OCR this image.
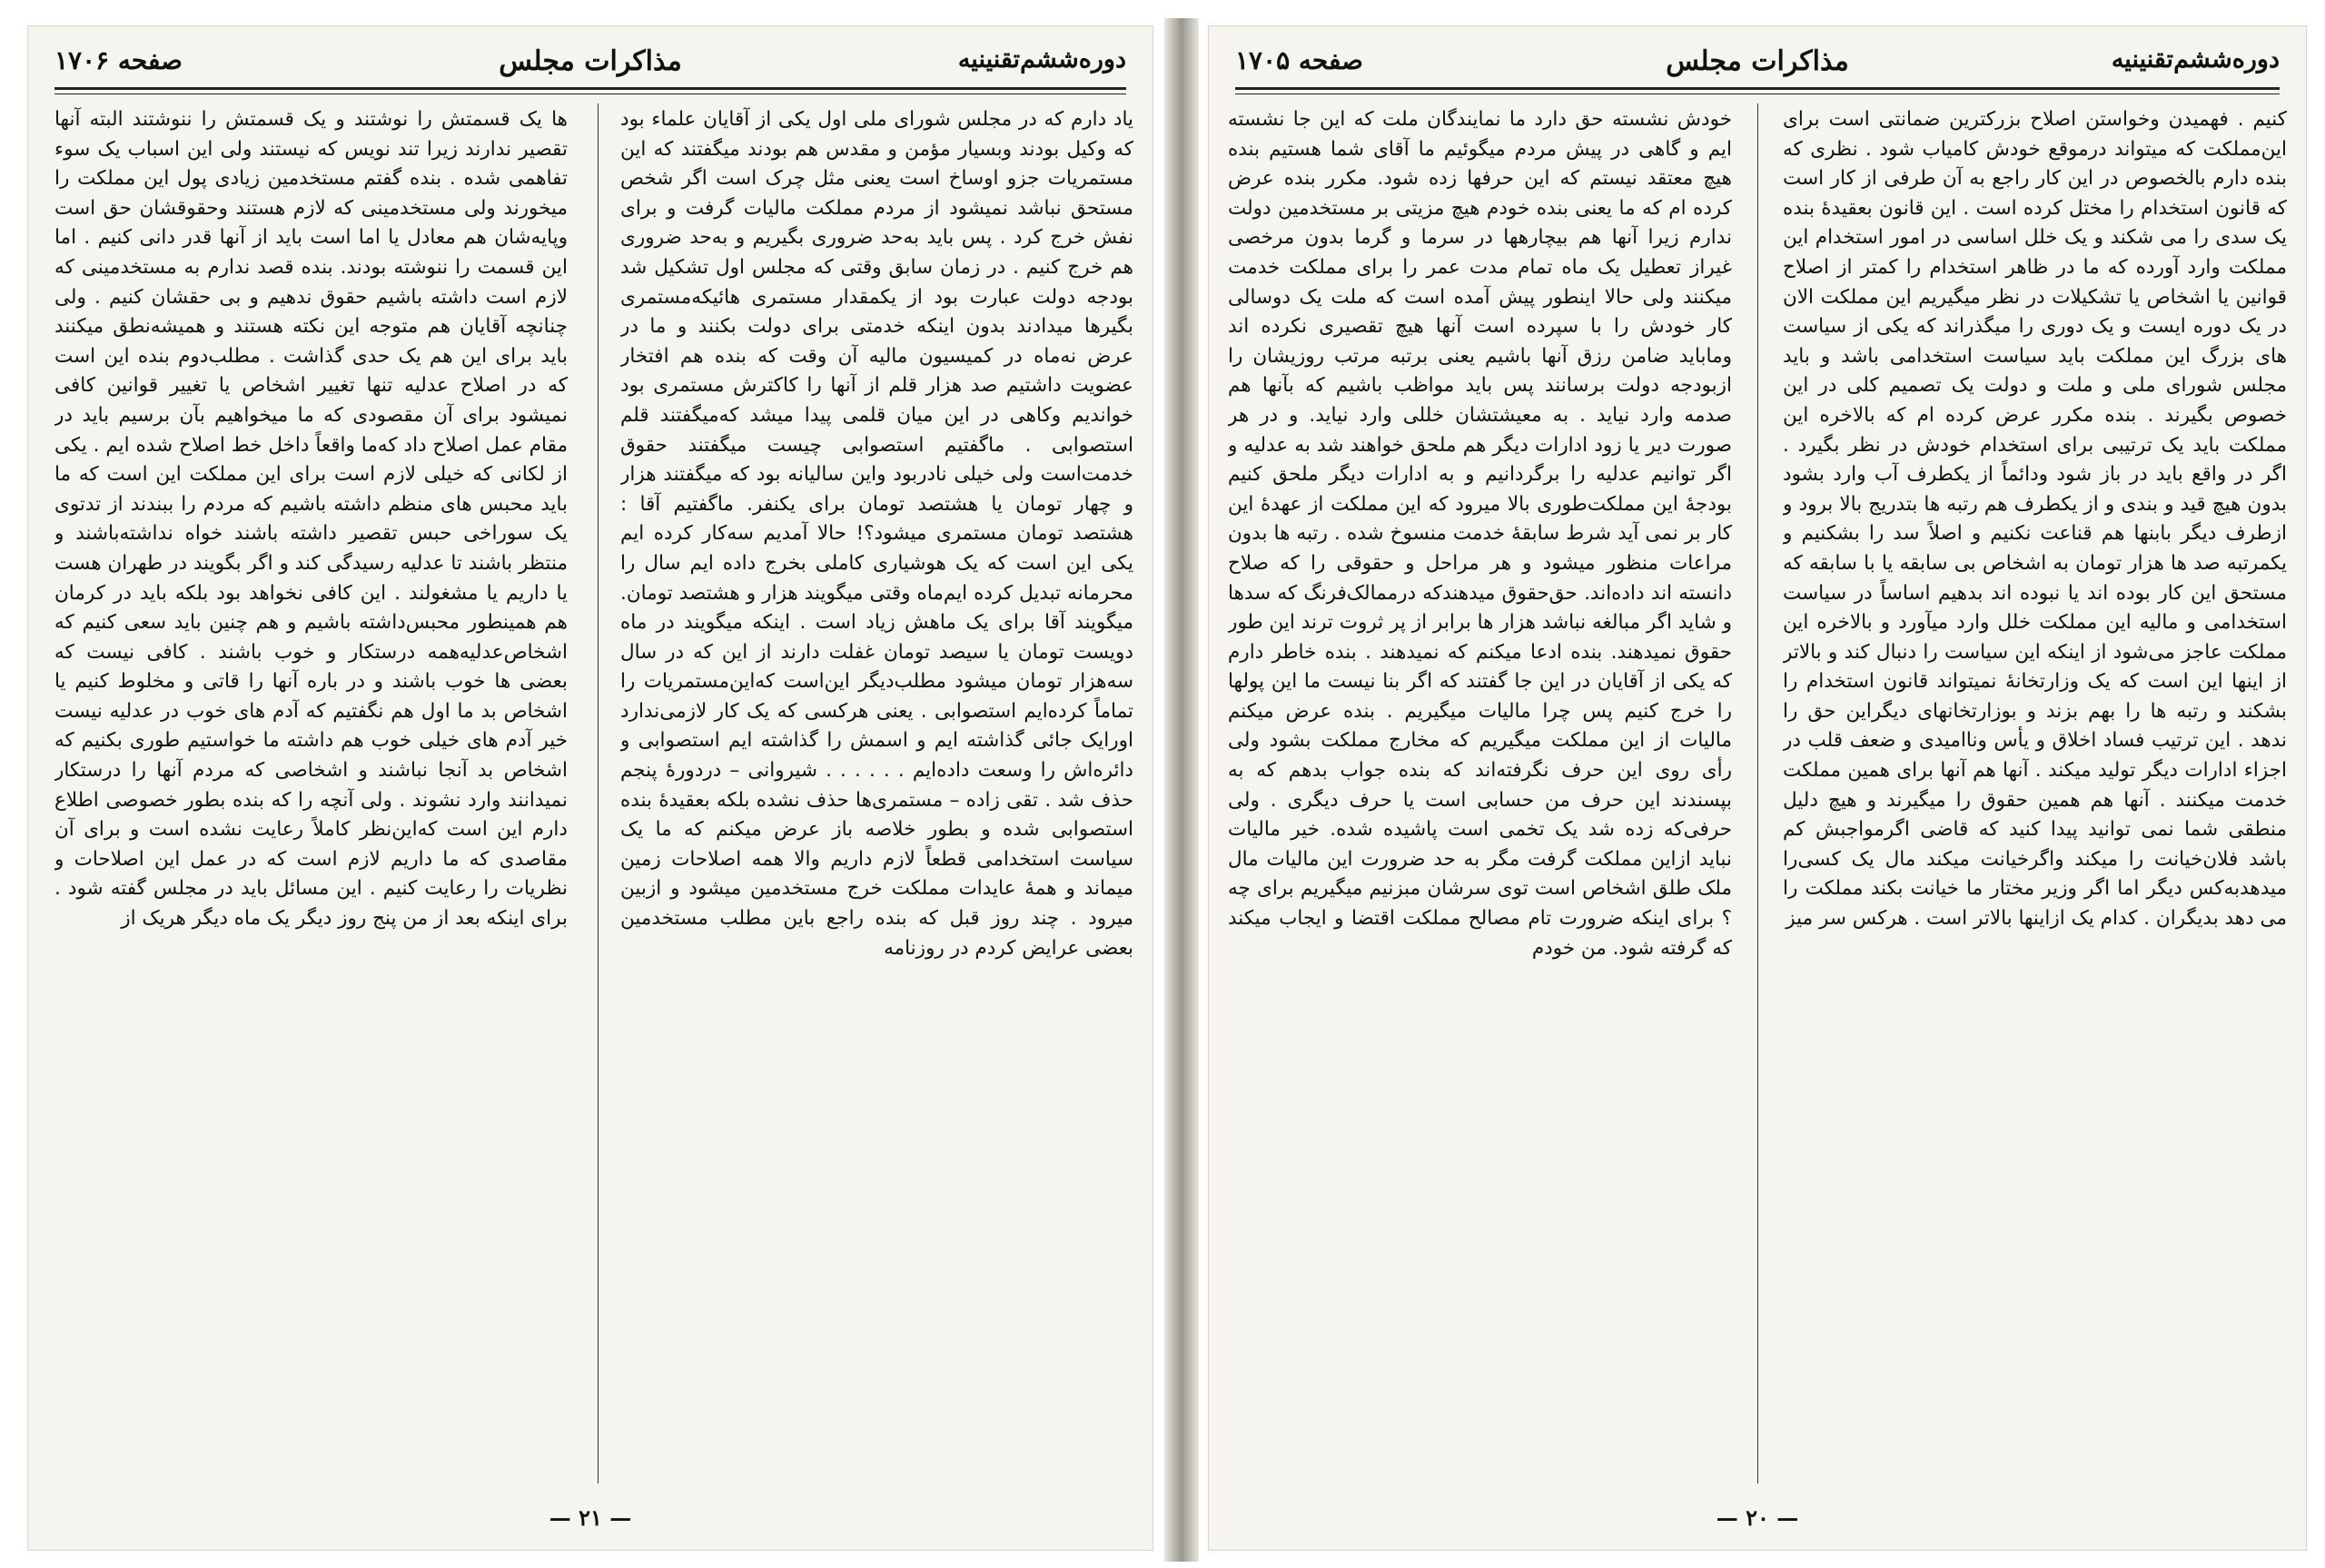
دوره‌ششم‌تقنینیه
مذاکرات مجلس
صفحه ۱۷۰۶

یاد دارم که در مجلس شورای ملی اول یکی از آقایان علماء بود که وکیل بودند وبسیار مؤمن و مقدس هم بودند میگفتند که این مستمریات جزو اوساخ است یعنی مثل چرک است اگر شخص مستحق نباشد نمیشود از مردم مملکت مالیات گرفت و برای نفش خرج کرد . پس باید به‌حد ضروری بگیریم و به‌حد ضروری هم خرج کنیم . در زمان سابق وقتی که مجلس اول تشکیل شد بودجه دولت عبارت بود از یکمقدار مستمری هائیکه‌مستمری بگیرها میدادند بدون اینکه خدمتی برای دولت بکنند و ما در عرض نه‌ماه در کمیسیون مالیه آن وقت که بنده هم افتخار عضویت داشتیم صد هزار قلم از آنها را کاکترش مستمری بود خواندیم وکاهی در این میان قلمی پیدا میشد که‌میگفتند قلم استصوابی . ماگفتیم استصوابی چیست میگفتند حقوق خدمت‌است ولی خیلی نادربود واین سالیانه بود که میگفتند هزار و چهار تومان یا هشتصد تومان برای یکنفر. ماگفتیم آقا : هشتصد تومان مستمری میشود؟! حالا آمدیم سه‌کار کرده ایم یکی این است که یک هوشیاری کاملی بخرج داده ایم سال را محرمانه تبدیل کرده ایم‌ماه وقتی میگویند هزار و هشتصد تومان. میگویند آقا برای یک ماهش زیاد است . اینکه میگویند در ماه دویست تومان یا سیصد تومان غفلت دارند از این که در سال سه‌هزار تومان میشود مطلب‌دیگر این‌است که‌این‌مستمریات را تماماً کرده‌ایم استصوابی . یعنی هرکسی که یک کار لازمی‌ندارد اورایک جائی گذاشته ایم و اسمش را گذاشته ایم استصوابی و دائره‌اش را وسعت داده‌ایم . . . . . . شیروانی – دردورهٔ پنجم حذف شد . تقی زاده – مستمری‌ها حذف نشده بلکه بعقیدهٔ بنده استصوابی شده و بطور خلاصه باز عرض میکنم که ما یک سیاست استخدامی قطعاً لازم داریم والا همه اصلاحات زمین میماند و همهٔ عایدات مملکت خرج مستخدمین میشود و ازبین میرود . چند روز قبل که بنده راجع باین مطلب مستخدمین بعضی عرایض کردم در روزنامه

ها یک قسمتش را نوشتند و یک قسمتش را ننوشتند البته آنها تقصیر ندارند زیرا تند نویس که نیستند ولی این اسباب یک سوء تفاهمی شده . بنده گفتم مستخدمین زیادی پول این مملکت را میخورند ولی مستخدمینی که لازم هستند وحقوقشان حق است وپایه‌شان هم معادل یا اما است باید از آنها قدر دانی کنیم . اما این قسمت را ننوشته بودند. بنده قصد ندارم به مستخدمینی که لازم است داشته باشیم حقوق ندهیم و بی حقشان کنیم . ولی چنانچه آقایان هم متوجه این نکته هستند و همیشه‌نطق میکنند باید برای این هم یک حدی گذاشت . مطلب‌دوم بنده این است که در اصلاح عدلیه تنها تغییر اشخاص یا تغییر قوانین کافی نمیشود برای آن مقصودی که ما میخواهیم بآن برسیم باید در مقام عمل اصلاح داد که‌ما واقعاً داخل خط اصلاح شده ایم . یکی از لکانی که خیلی لازم است برای این مملکت این است که ما باید محبس های منظم داشته باشیم که مردم را ببندند از تدتوی یک سوراخی حبس تقصیر داشته باشند خواه نداشته‌باشند و منتظر باشند تا عدلیه رسیدگی کند و اگر بگویند در طهران هست یا داریم یا مشغولند . این کافی نخواهد بود بلکه باید در کرمان هم همینطور محبس‌داشته باشیم و هم چنین باید سعی کنیم که اشخاص‌عدلیه‌همه درستکار و خوب باشند . کافی نیست که بعضی ها خوب باشند و در باره آنها را قاتی و مخلوط کنیم یا اشخاص بد ما اول هم نگفتیم که آدم های خوب در عدلیه نیست خیر آدم های خیلی خوب هم داشته ما خواستیم طوری بکنیم که اشخاص بد آنجا نباشند و اشخاصی که مردم آنها را درستکار نمیدانند وارد نشوند . ولی آنچه را که بنده بطور خصوصی اطلاع دارم این است که‌این‌نظر کاملاً رعایت نشده است و برای آن مقاصدی که ما داریم لازم است که در عمل این اصلاحات و نظریات را رعایت کنیم . این مسائل باید در مجلس گفته شود . برای اینکه بعد از من پنج روز دیگر یک ماه دیگر هریک از

— ۲۱ —
دوره‌ششم‌تقنینیه
مذاکرات مجلس
صفحه ۱۷۰۵

کنیم . فهمیدن وخواستن اصلاح بزرکترین ضمانتی است برای این‌مملکت که میتواند درموقع خودش کامیاب شود . نظری که بنده دارم بالخصوص در این کار راجع به آن طرفی از کار است که قانون استخدام را مختل کرده است . این قانون بعقیدهٔ بنده یک سدی را می شکند و یک خلل اساسی در امور استخدام این مملکت وارد آورده که ما در ظاهر استخدام را کمتر از اصلاح قوانین یا اشخاص یا تشکیلات در نظر میگیریم این مملکت الان در یک دوره ایست و یک دوری را میگذراند که یکی از سیاست های بزرگ این مملکت باید سیاست استخدامی باشد و باید مجلس شورای ملی و ملت و دولت یک تصمیم کلی در این خصوص بگیرند . بنده مکرر عرض کرده ام که بالاخره این مملکت باید یک ترتیبی برای استخدام خودش در نظر بگیرد . اگر در واقع باید در باز شود ودائماً از یکطرف آب وارد بشود بدون هیچ قید و بندی و از یکطرف هم رتبه ها بتدریج بالا برود و ازطرف دیگر بابنها هم قناعت نکنیم و اصلاً سد را بشکنیم و یکمرتبه صد ها هزار تومان به اشخاص بی سابقه یا با سابقه که مستحق این کار بوده اند یا نبوده اند بدهیم اساساً در سیاست استخدامی و مالیه این مملکت خلل وارد میآورد و بالاخره این مملکت عاجز می‌شود از اینکه این سیاست را دنبال کند و بالاتر از اینها این است که یک وزارتخانهٔ نمیتواند قانون استخدام را بشکند و رتبه ها را بهم بزند و بوزارتخانهای دیگراین حق را ندهد . این ترتیب فساد اخلاق و یأس وناامیدی و ضعف قلب در اجزاء ادارات دیگر تولید میکند . آنها هم آنها برای همین مملکت خدمت میکنند . آنها هم همین حقوق را میگیرند و هیچ دلیل منطقی شما نمی توانید پیدا کنید که قاضی اگرمواجبش کم باشد فلان‌خیانت را میکند واگرخیانت میکند مال یک کسی‌را میدهدبه‌کس دیگر اما اگر وزیر مختار ما خیانت بکند مملکت را می دهد بدیگران . کدام یک ازاینها بالاتر است . هرکس سر میز

خودش نشسته حق دارد ما نمایندگان ملت که این جا نشسته ایم و گاهی در پیش مردم میگوئیم ما آقای شما هستیم بنده هیچ معتقد نیستم که این حرفها زده شود. مکرر بنده عرض کرده ام که ما یعنی بنده خودم هیچ مزیتی بر مستخدمین دولت ندارم زیرا آنها هم بیچارهها در سرما و گرما بدون مرخصی غیراز تعطیل یک ماه تمام مدت عمر را برای مملکت خدمت میکنند ولی حالا اینطور پیش آمده است که ملت یک دوسالی کار خودش را با سپرده است آنها هیچ تقصیری نکرده اند وماباید ضامن رزق آنها باشیم یعنی برتبه مرتب روزیشان را ازبودجه دولت برسانند پس باید مواظب باشیم که بآنها هم صدمه وارد نیاید . به معیشتشان خللی وارد نیاید. و در هر صورت دیر یا زود ادارات دیگر هم ملحق خواهند شد به عدلیه و اگر توانیم عدلیه را برگردانیم و به ادارات دیگر ملحق کنیم بودجهٔ این مملکت‌طوری بالا میرود که این مملکت از عهدهٔ این کار بر نمی آید شرط سابقهٔ خدمت منسوخ شده . رتبه ها بدون مراعات منظور میشود و هر مراحل و حقوقی را که صلاح دانسته اند داده‌اند. حق‌حقوق میدهندکه درممالک‌فرنگ که سدها و شاید اگر مبالغه نباشد هزار ها برابر از پر ثروت ترند این طور حقوق نمیدهند. بنده ادعا میکنم که نمیدهند . بنده خاطر دارم که یکی از آقایان در این جا گفتند که اگر بنا نیست ما این پولها را خرج کنیم پس چرا مالیات میگیریم . بنده عرض میکنم مالیات از این مملکت میگیریم که مخارج مملکت بشود ولی رأی روی این حرف نگرفته‌اند که بنده جواب بدهم که به بپسندند این حرف من حسابی است یا حرف دیگری . ولی حرفی‌که زده شد یک تخمی است پاشیده شده. خیر مالیات نباید ازاین مملکت گرفت مگر به حد ضرورت این مالیات مال ملک طلق اشخاص است توی سرشان مبزنیم میگیریم برای چه ؟ برای اینکه ضرورت تام مصالح مملکت اقتضا و ایجاب میکند که گرفته شود. من خودم

— ۲۰ —
